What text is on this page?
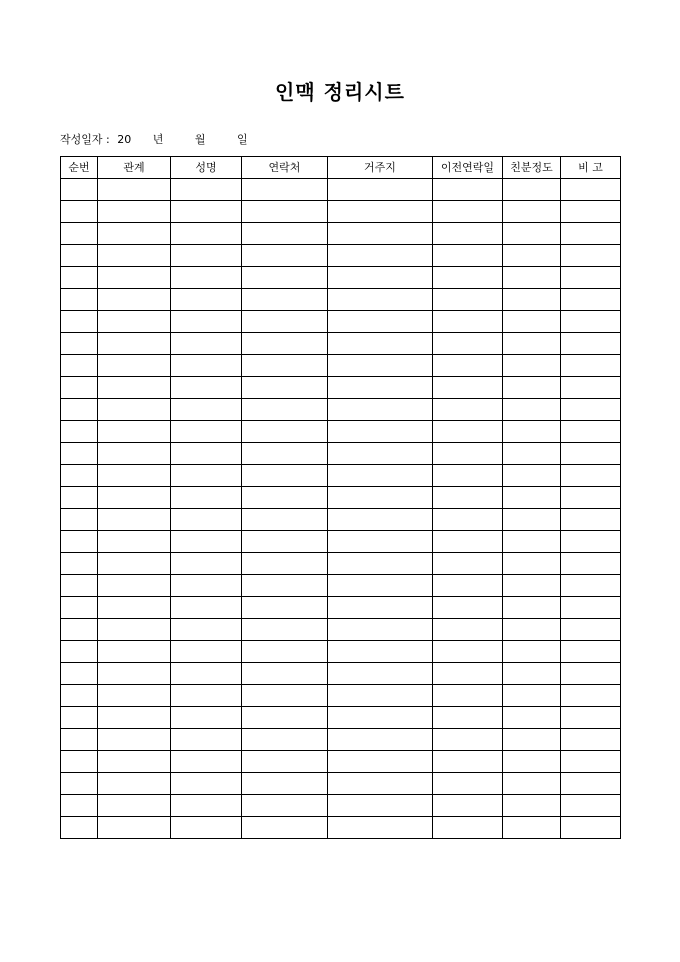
인맥 정리시트
작성일자 : 20 년	월	일
순번	관계	성명	연락처	거주지	이전연락일	친분정도	비 고
